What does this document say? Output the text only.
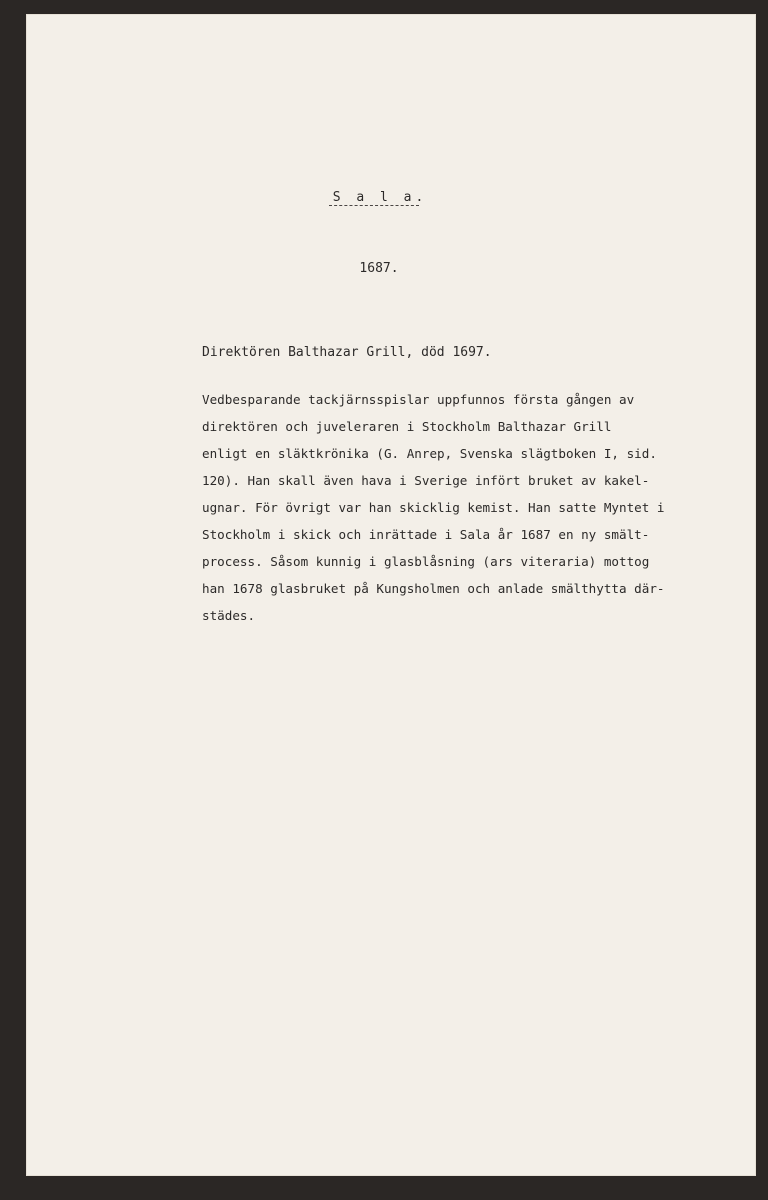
S a l a.
1687.
Direktören Balthazar Grill, död 1697.
Vedbesparande tackjärnsspislar uppfunnos första gången av
direktören och juveleraren i Stockholm Balthazar Grill
enligt en släktkrönika (G. Anrep, Svenska slägtboken I, sid.
120). Han skall även hava i Sverige infört bruket av kakel-
ugnar. För övrigt var han skicklig kemist. Han satte Myntet i
Stockholm i skick och inrättade i Sala år 1687 en ny smält-
process. Såsom kunnig i glasblåsning (ars viteraria) mottog
han 1678 glasbruket på Kungsholmen och anlade smälthytta där-
städes.
